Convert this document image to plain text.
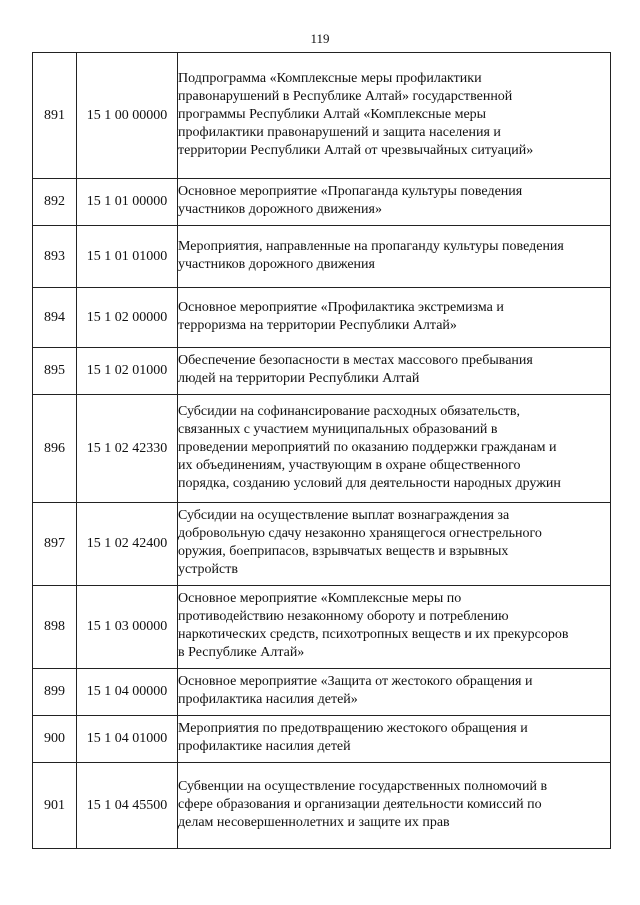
119
891	15 1 00 00000	Подпрограмма «Комплексные меры профилактики
правонарушений в Республике Алтай» государственной
программы Республики Алтай «Комплексные меры
профилактики правонарушений и защита населения и
территории Республики Алтай от чрезвычайных ситуаций»

892	15 1 01 00000	Основное мероприятие «Пропаганда культуры поведения
участников дорожного движения»

893	15 1 01 01000	Мероприятия, направленные на пропаганду культуры поведения
участников дорожного движения

894	15 1 02 00000	Основное мероприятие «Профилактика экстремизма и
терроризма на территории Республики Алтай»

895	15 1 02 01000	Обеспечение безопасности в местах массового пребывания
людей на территории Республики Алтай

896	15 1 02 42330	Субсидии на софинансирование расходных обязательств,
связанных с участием муниципальных образований в
проведении мероприятий по оказанию поддержки гражданам и
их объединениям, участвующим в охране общественного
порядка, созданию условий для деятельности народных дружин

897	15 1 02 42400	Субсидии на осуществление выплат вознаграждения за
добровольную сдачу незаконно хранящегося огнестрельного
оружия, боеприпасов, взрывчатых веществ и взрывных
устройств

898	15 1 03 00000	Основное мероприятие «Комплексные меры по
противодействию незаконному обороту и потреблению
наркотических средств, психотропных веществ и их прекурсоров
в Республике Алтай»

899	15 1 04 00000	Основное мероприятие «Защита от жестокого обращения и
профилактика насилия детей»

900	15 1 04 01000	Мероприятия по предотвращению жестокого обращения и
профилактике насилия детей

901	15 1 04 45500	Субвенции на осуществление государственных полномочий в
сфере образования и организации деятельности комиссий по
делам несовершеннолетних и защите их прав
